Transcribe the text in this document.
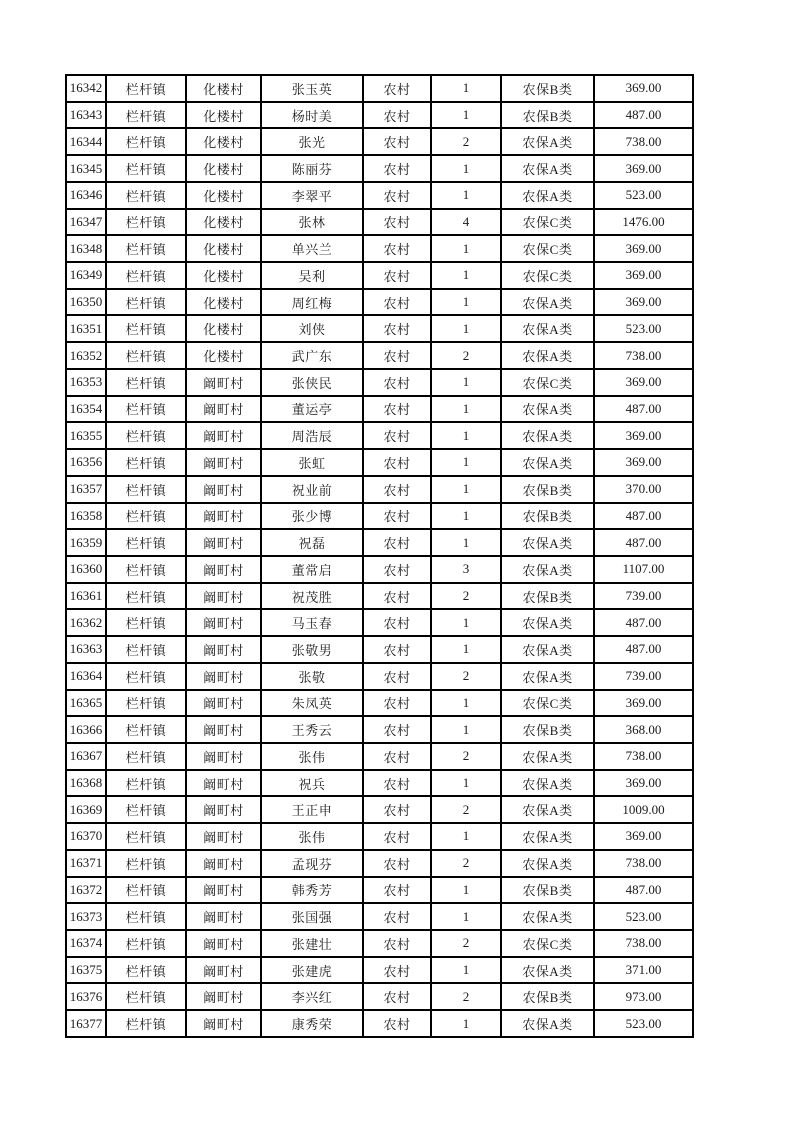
16342	栏杆镇	化楼村	张玉英	农村	1	农保B类	369.00
16343	栏杆镇	化楼村	杨时美	农村	1	农保B类	487.00
16344	栏杆镇	化楼村	张光	农村	2	农保A类	738.00
16345	栏杆镇	化楼村	陈丽芬	农村	1	农保A类	369.00
16346	栏杆镇	化楼村	李翠平	农村	1	农保A类	523.00
16347	栏杆镇	化楼村	张林	农村	4	农保C类	1476.00
16348	栏杆镇	化楼村	单兴兰	农村	1	农保C类	369.00
16349	栏杆镇	化楼村	吴利	农村	1	农保C类	369.00
16350	栏杆镇	化楼村	周红梅	农村	1	农保A类	369.00
16351	栏杆镇	化楼村	刘侠	农村	1	农保A类	523.00
16352	栏杆镇	化楼村	武广东	农村	2	农保A类	738.00
16353	栏杆镇	阚町村	张侠民	农村	1	农保C类	369.00
16354	栏杆镇	阚町村	董运亭	农村	1	农保A类	487.00
16355	栏杆镇	阚町村	周浩辰	农村	1	农保A类	369.00
16356	栏杆镇	阚町村	张虹	农村	1	农保A类	369.00
16357	栏杆镇	阚町村	祝业前	农村	1	农保B类	370.00
16358	栏杆镇	阚町村	张少博	农村	1	农保B类	487.00
16359	栏杆镇	阚町村	祝磊	农村	1	农保A类	487.00
16360	栏杆镇	阚町村	董常启	农村	3	农保A类	1107.00
16361	栏杆镇	阚町村	祝茂胜	农村	2	农保B类	739.00
16362	栏杆镇	阚町村	马玉春	农村	1	农保A类	487.00
16363	栏杆镇	阚町村	张敬男	农村	1	农保A类	487.00
16364	栏杆镇	阚町村	张敬	农村	2	农保A类	739.00
16365	栏杆镇	阚町村	朱凤英	农村	1	农保C类	369.00
16366	栏杆镇	阚町村	王秀云	农村	1	农保B类	368.00
16367	栏杆镇	阚町村	张伟	农村	2	农保A类	738.00
16368	栏杆镇	阚町村	祝兵	农村	1	农保A类	369.00
16369	栏杆镇	阚町村	王正申	农村	2	农保A类	1009.00
16370	栏杆镇	阚町村	张伟	农村	1	农保A类	369.00
16371	栏杆镇	阚町村	孟现芬	农村	2	农保A类	738.00
16372	栏杆镇	阚町村	韩秀芳	农村	1	农保B类	487.00
16373	栏杆镇	阚町村	张国强	农村	1	农保A类	523.00
16374	栏杆镇	阚町村	张建壮	农村	2	农保C类	738.00
16375	栏杆镇	阚町村	张建虎	农村	1	农保A类	371.00
16376	栏杆镇	阚町村	李兴红	农村	2	农保B类	973.00
16377	栏杆镇	阚町村	康秀荣	农村	1	农保A类	523.00
